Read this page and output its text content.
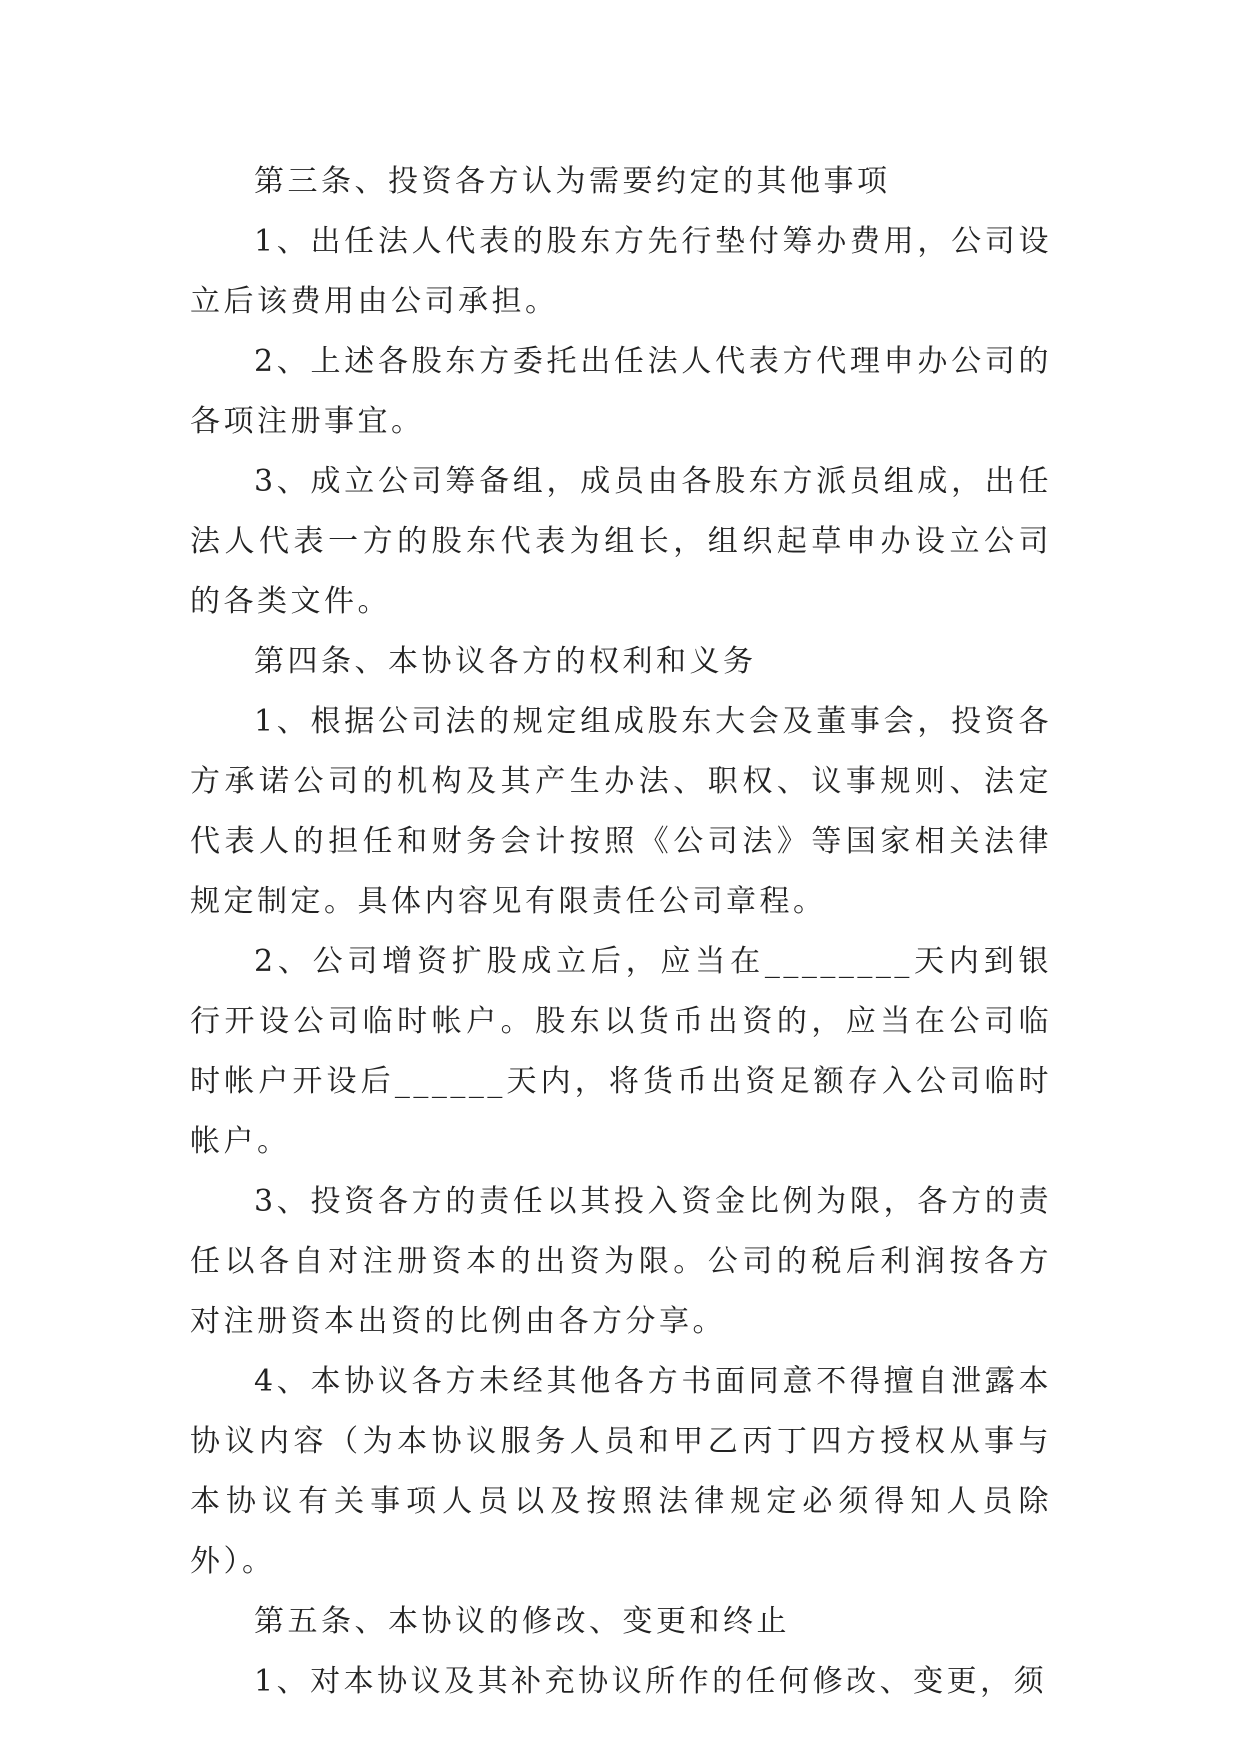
第三条、投资各方认为需要约定的其他事项

1、出任法人代表的股东方先行垫付筹办费用，公司设立后该费用由公司承担。

2、上述各股东方委托出任法人代表方代理申办公司的各项注册事宜。

3、成立公司筹备组，成员由各股东方派员组成，出任法人代表一方的股东代表为组长，组织起草申办设立公司的各类文件。

第四条、本协议各方的权利和义务

1、根据公司法的规定组成股东大会及董事会，投资各方承诺公司的机构及其产生办法、职权、议事规则、法定代表人的担任和财务会计按照《公司法》等国家相关法律规定制定。具体内容见有限责任公司章程。

2、公司增资扩股成立后，应当在________天内到银行开设公司临时帐户。股东以货币出资的，应当在公司临时帐户开设后______天内，将货币出资足额存入公司临时帐户。

3、投资各方的责任以其投入资金比例为限，各方的责任以各自对注册资本的出资为限。公司的税后利润按各方对注册资本出资的比例由各方分享。

4、本协议各方未经其他各方书面同意不得擅自泄露本协议内容（为本协议服务人员和甲乙丙丁四方授权从事与本协议有关事项人员以及按照法律规定必须得知人员除外）。

第五条、本协议的修改、变更和终止

1、对本协议及其补充协议所作的任何修改、变更，须
